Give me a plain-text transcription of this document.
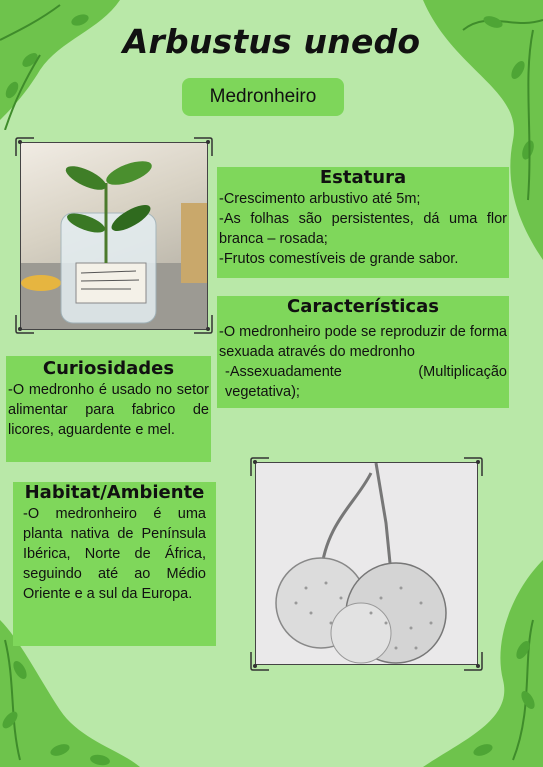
Arbustus unedo
Medronheiro
Estatura

-Crescimento arbustivo até 5m;

-As folhas são persistentes, dá uma flor branca – rosada;

-Frutos comestíveis de grande sabor.

Características

-O medronheiro pode se reproduzir de forma sexuada através do medronho

-Assexuadamente (Multiplicação vegetativa);

Curiosidades

-O medronho é usado no setor alimentar para fabrico de licores, aguardente e mel.

Habitat/Ambiente

-O medronheiro é uma planta nativa de Península Ibérica, Norte de África, seguindo até ao Médio Oriente e a sul da Europa.
